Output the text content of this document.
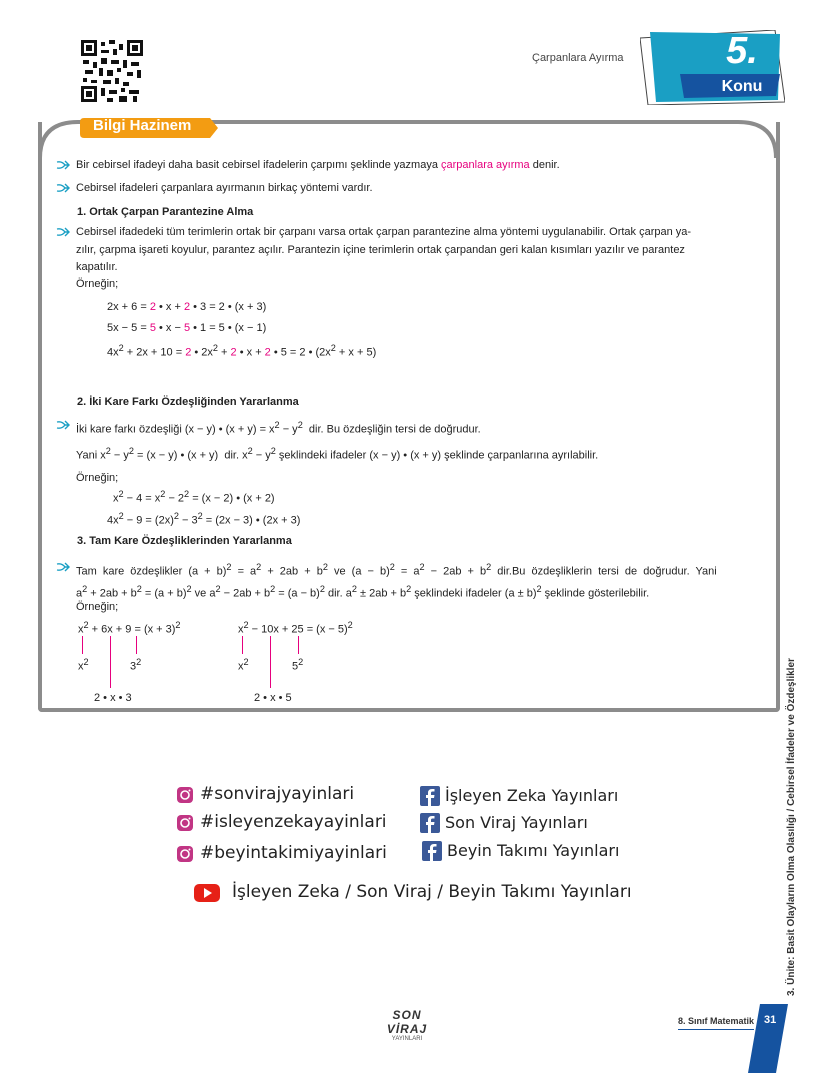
Çarpanlara Ayırma	5.
Konu
Bilgi Hazinem
Bir cebirsel ifadeyi daha basit cebirsel ifadelerin çarpımı şeklinde yazmaya çarpanlara ayırma denir.
Cebirsel ifadeleri çarpanlara ayırmanın birkaç yöntemi vardır.
1. Ortak Çarpan Parantezine Alma
Cebirsel ifadedeki tüm terimlerin ortak bir çarpanı varsa ortak çarpan parantezine alma yöntemi uygulanabilir. Ortak çarpan ya-
zılır, çarpma işareti koyulur, parantez açılır. Parantezin içine terimlerin ortak çarpandan geri kalan kısımları yazılır ve parantez
kapatılır.
Örneğin;
2x + 6 = 2 • x + 2 • 3 = 2 • (x + 3)
5x − 5 = 5 • x − 5 • 1 = 5 • (x − 1)
$4x^2 + 2x + 10 = 2$ • $2x^2 + 2$ • x + 2 • 5 = 2 • $(2x^2 + x + 5)$
2. İki Kare Farkı Özdeşliğinden Yararlanma
İki kare farkı özdeşliği (x − y) • $(x + y) = x^2 - y^2$ dir. Bu özdeşliğin tersi de doğrudur.
Yani $x^2 - y^2 = (x - y)$ • (x + y)  dir. $x^2 - y^2$ şeklindeki ifadeler (x − y) • (x + y) şeklinde çarpanlarına ayrılabilir.
Örneğin;
$x^2 - 4 = x^2 - 2^2 = (x - 2)$ • (x + 2)
$4x^2 - 9 = (2x)^2 - 3^2 = (2x - 3)$ • (2x + 3)
3. Tam Kare Özdeşliklerinden Yararlanma
Tam kare özdeşlikler $(a + b)^2 = a^2 + 2ab + b^2$ ve $(a - b)^2 = a^2 - 2ab + b^2$ dir.Bu özdeşliklerin tersi de doğrudur. Yani
$a^2 + 2ab + b^2 = (a + b)^2$ ve $a^2 - 2ab + b^2 = (a - b)^2$ dir. $a^2 \pm 2ab + b^2$ şeklindeki ifadeler $(a \pm b)^2$ şeklinde gösterilebilir.
Örneğin;
$x^2 + 6x + 9 = (x + 3)^2$
$x^2$	$3^2$
2 • x • 3
$x^2 - 10x + 25 = (x - 5)^2$
$x^2$	$5^2$
2 • x • 5
#sonvirajyayinlari
#isleyenzekayayinlari
#beyintakimiyayinlari
İşleyen Zeka Yayınları
Son Viraj Yayınları
Beyin Takımı Yayınları
İşleyen Zeka / Son Viraj / Beyin Takımı Yayınları
SON VİRAJ
YAYINLARI
8. Sınıf Matematik 31
3. Ünite: Basit Olayların Olma Olasılığı / Cebirsel İfadeler ve Özdeşlikler
